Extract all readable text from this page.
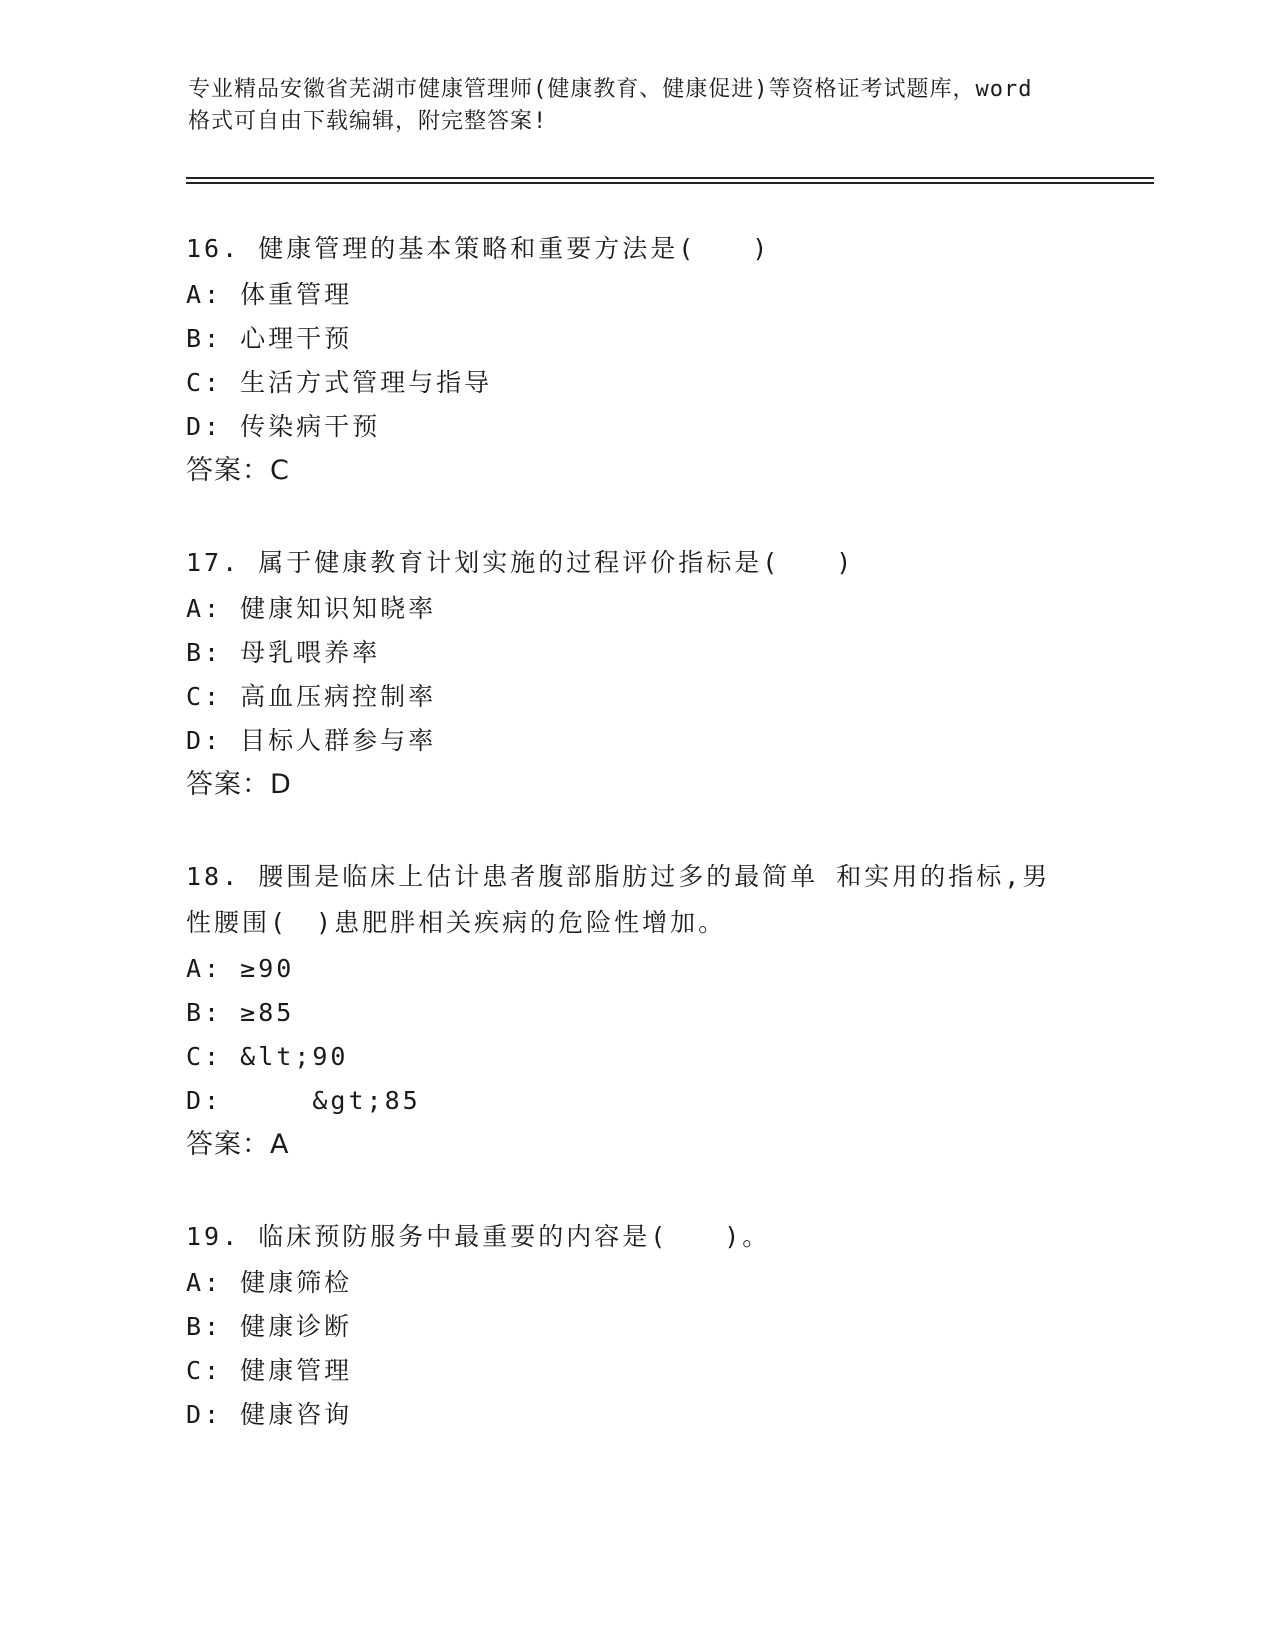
专业精品安徽省芜湖市健康管理师(健康教育、健康促进)等资格证考试题库，word
格式可自由下载编辑，附完整答案!
16. 健康管理的基本策略和重要方法是(　　)
A: 体重管理
B: 心理干预
C: 生活方式管理与指导
D: 传染病干预
答案：C
17. 属于健康教育计划实施的过程评价指标是(　　)
A: 健康知识知晓率
B: 母乳喂养率
C: 高血压病控制率
D: 目标人群参与率
答案：D
18. 腰围是临床上估计患者腹部脂肪过多的最简单 和实用的指标,男
性腰围(　)患肥胖相关疾病的危险性增加。
A: ≥90
B: ≥85
C: &lt;90
D:     &gt;85
答案：A
19. 临床预防服务中最重要的内容是(　　)。
A: 健康筛检
B: 健康诊断
C: 健康管理
D: 健康咨询
